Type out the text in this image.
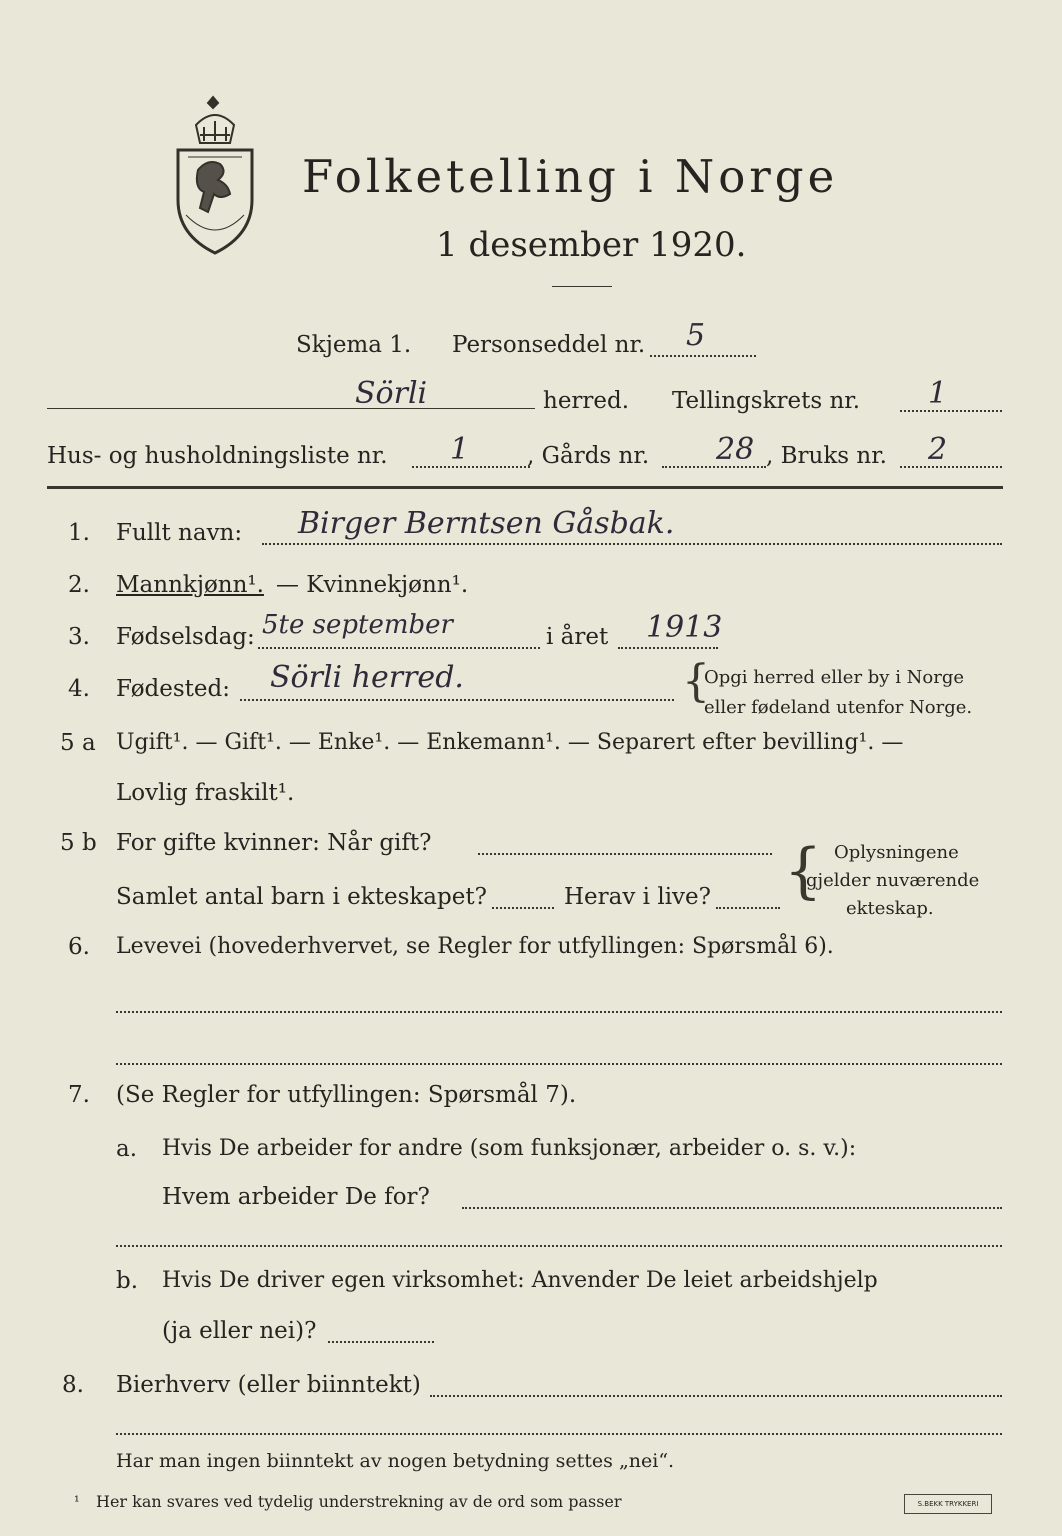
Folketelling i Norge
1 desember 1920.
Skjema 1. Personseddel nr. 5
Sörli	herred. Tellingskrets nr. 1
Hus- og husholdningsliste nr. 1	, Gårds nr. 28 , Bruks nr. 2
1. Fullt navn: Birger Berntsen Gåsbak.
2. Mannkjønn¹. — Kvinnekjønn¹.
3. Fødselsdag: 5te september	i året 1913
4. Fødested: Sörli herred.	{
Opgi herred eller by i Norge
eller fødeland utenfor Norge.
5 a Ugift¹. — Gift¹. — Enke¹. — Enkemann¹. — Separert efter bevilling¹. —
Lovlig fraskilt¹.
5 b For gifte kvinner: Når gift?
Samlet antal barn i ekteskapet?	Herav i live? { Oplysningene
gjelder nuværende
ekteskap.
6. Levevei (hovederhvervet, se Regler for utfyllingen: Spørsmål 6).
7. (Se Regler for utfyllingen: Spørsmål 7).
a. Hvis De arbeider for andre (som funksjonær, arbeider o. s. v.):
Hvem arbeider De for?
b. Hvis De driver egen virksomhet: Anvender De leiet arbeidshjelp
(ja eller nei)?
8. Bierhverv (eller biinntekt)
Har man ingen biinntekt av nogen betydning settes „nei“.
¹ Her kan svares ved tydelig understrekning av de ord som passer	S.BEKK TRYKKERI
